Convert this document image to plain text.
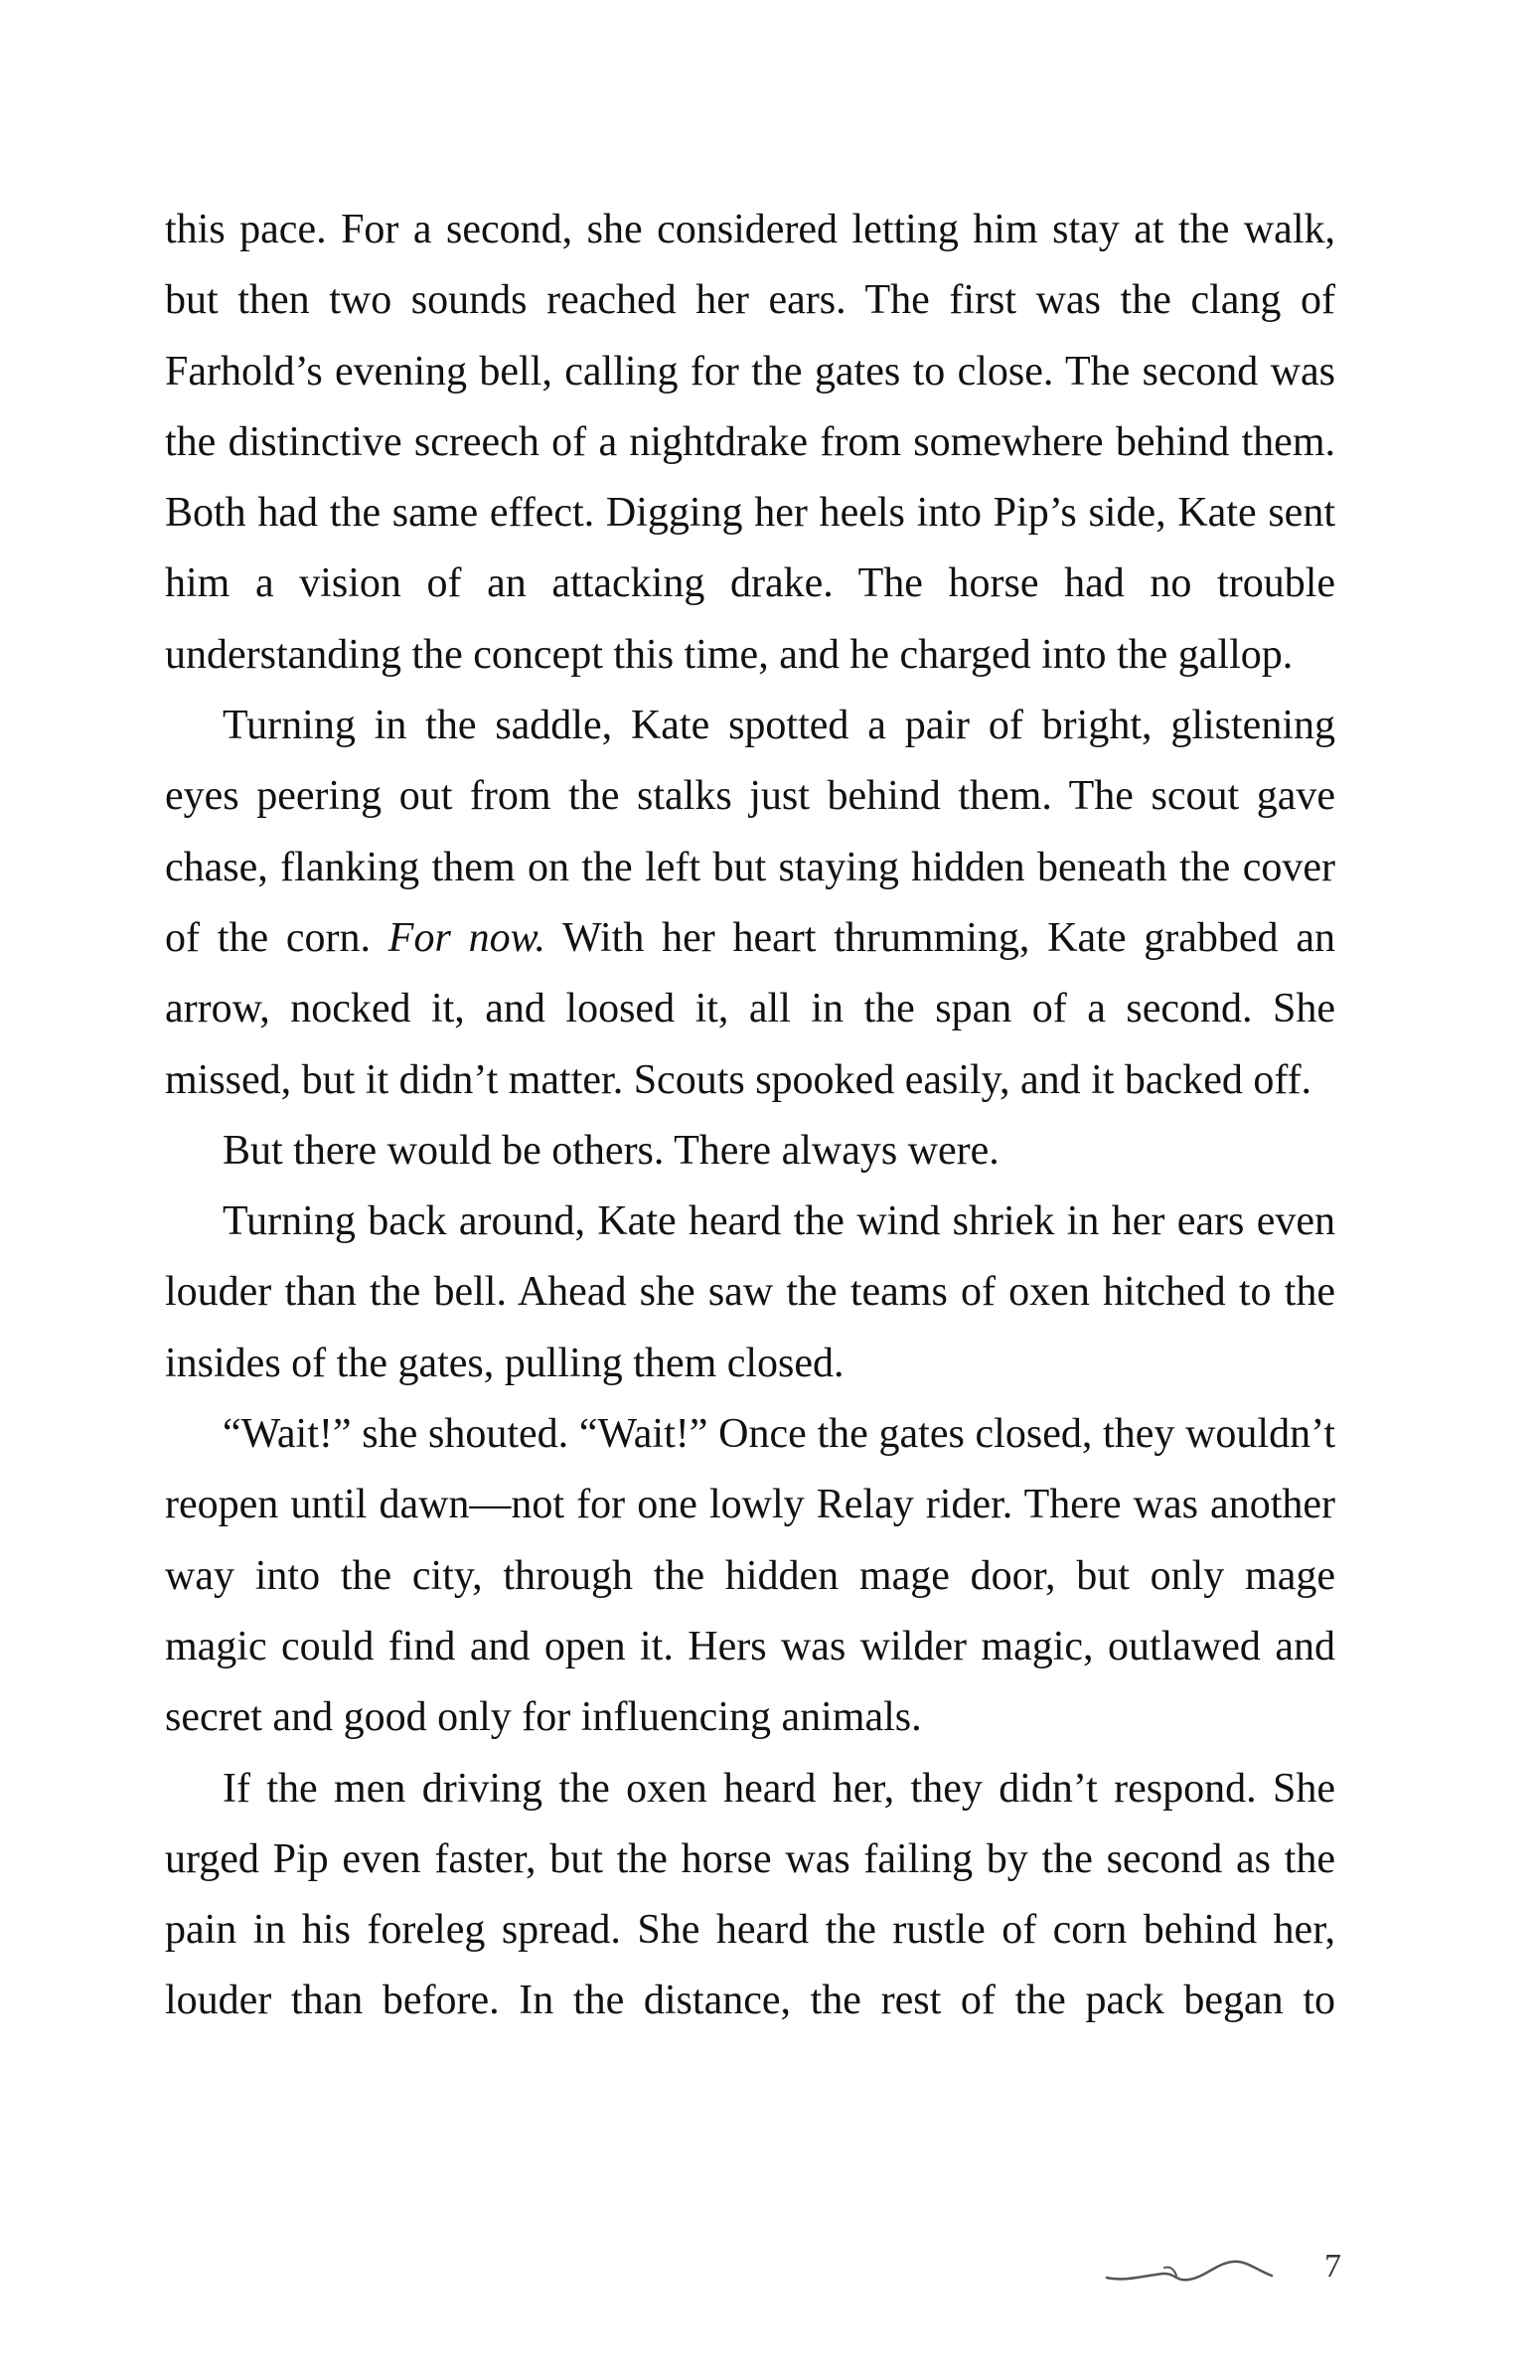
this pace. For a second, she considered letting him stay at the walk, but then two sounds reached her ears. The first was the clang of Farhold’s evening bell, calling for the gates to close. The second was the distinctive screech of a nightdrake from somewhere behind them. Both had the same effect. Digging her heels into Pip’s side, Kate sent him a vision of an attacking drake. The horse had no trouble understanding the concept this time, and he charged into the gallop.

Turning in the saddle, Kate spotted a pair of bright, glistening eyes peering out from the stalks just behind them. The scout gave chase, flanking them on the left but staying hidden beneath the cover of the corn. For now. With her heart thrumming, Kate grabbed an arrow, nocked it, and loosed it, all in the span of a second. She missed, but it didn’t matter. Scouts spooked easily, and it backed off.

But there would be others. There always were.

Turning back around, Kate heard the wind shriek in her ears even louder than the bell. Ahead she saw the teams of oxen hitched to the insides of the gates, pulling them closed.

“Wait!” she shouted. “Wait!” Once the gates closed, they wouldn’t reopen until dawn—not for one lowly Relay rider. There was another way into the city, through the hidden mage door, but only mage magic could find and open it. Hers was wilder magic, outlawed and secret and good only for influencing animals.

If the men driving the oxen heard her, they didn’t respond. She urged Pip even faster, but the horse was failing by the second as the pain in his foreleg spread. She heard the rustle of corn behind her, louder than before. In the distance, the rest of the pack began to

7
